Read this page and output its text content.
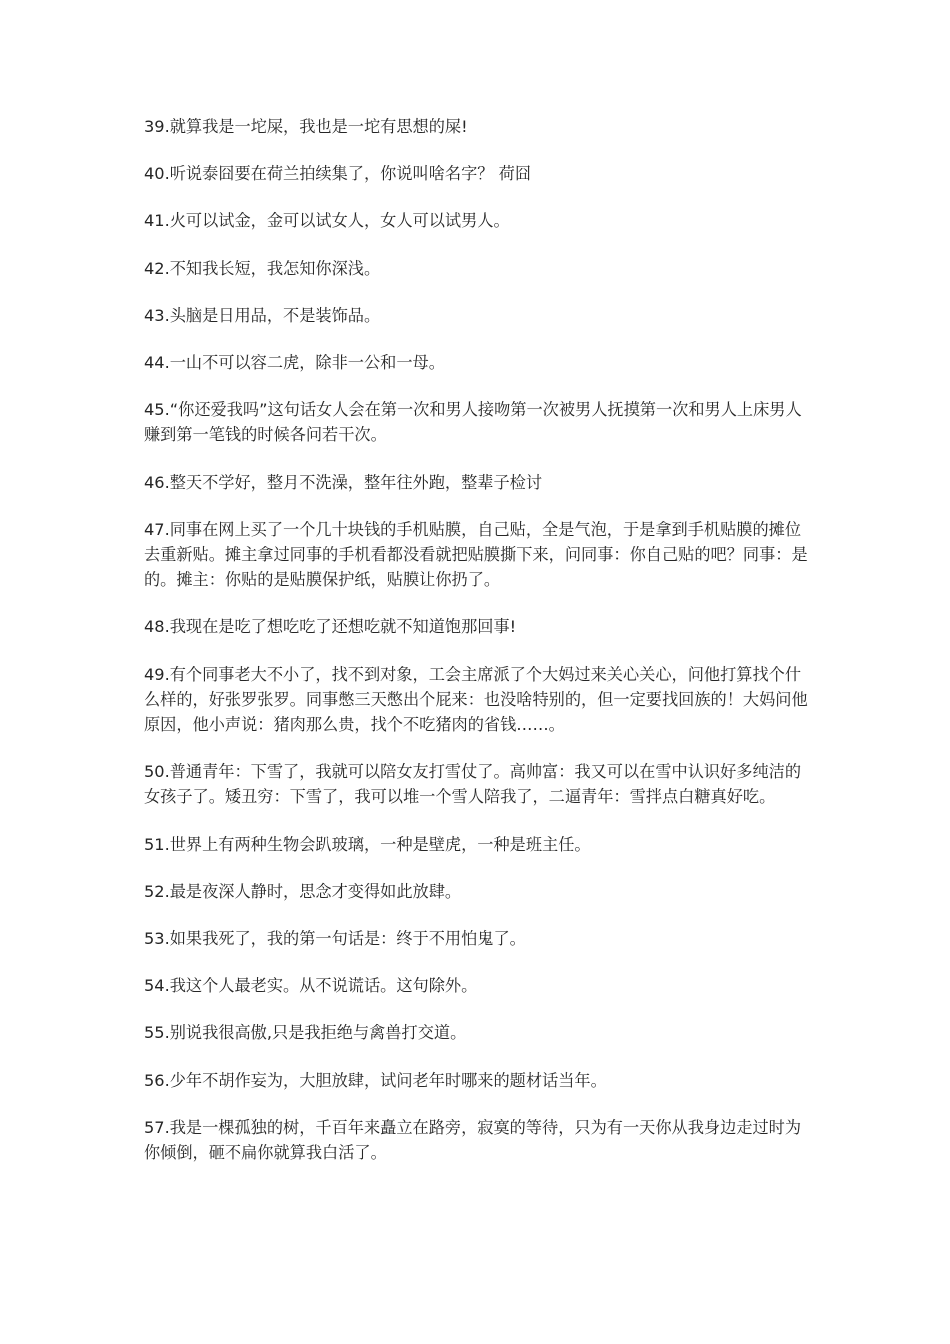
39.就算我是一坨屎，我也是一坨有思想的屎!

40.听说泰囧要在荷兰拍续集了，你说叫啥名字？ 荷囧

41.火可以试金，金可以试女人，女人可以试男人。

42.不知我长短，我怎知你深浅。

43.头脑是日用品，不是装饰品。

44.一山不可以容二虎，除非一公和一母。

45.“你还爱我吗”这句话女人会在第一次和男人接吻第一次被男人抚摸第一次和男人上床男人赚到第一笔钱的时候各问若干次。

46.整天不学好，整月不洗澡，整年往外跑，整辈子检讨

47.同事在网上买了一个几十块钱的手机贴膜，自己贴，全是气泡，于是拿到手机贴膜的摊位去重新贴。摊主拿过同事的手机看都没看就把贴膜撕下来，问同事：你自己贴的吧？同事：是的。摊主：你贴的是贴膜保护纸，贴膜让你扔了。

48.我现在是吃了想吃吃了还想吃就不知道饱那回事!

49.有个同事老大不小了，找不到对象，工会主席派了个大妈过来关心关心，问他打算找个什么样的，好张罗张罗。同事憋三天憋出个屁来：也没啥特别的，但一定要找回族的！大妈问他原因，他小声说：猪肉那么贵，找个不吃猪肉的省钱……。

50.普通青年：下雪了，我就可以陪女友打雪仗了。高帅富：我又可以在雪中认识好多纯洁的女孩子了。矮丑穷：下雪了，我可以堆一个雪人陪我了，二逼青年：雪拌点白糖真好吃。

51.世界上有两种生物会趴玻璃，一种是壁虎，一种是班主任。

52.最是夜深人静时，思念才变得如此放肆。

53.如果我死了，我的第一句话是：终于不用怕鬼了。

54.我这个人最老实。从不说谎话。这句除外。

55.别说我很高傲,只是我拒绝与禽兽打交道。

56.少年不胡作妄为，大胆放肆，试问老年时哪来的题材话当年。

57.我是一棵孤独的树，千百年来矗立在路旁，寂寞的等待，只为有一天你从我身边走过时为你倾倒，砸不扁你就算我白活了。
